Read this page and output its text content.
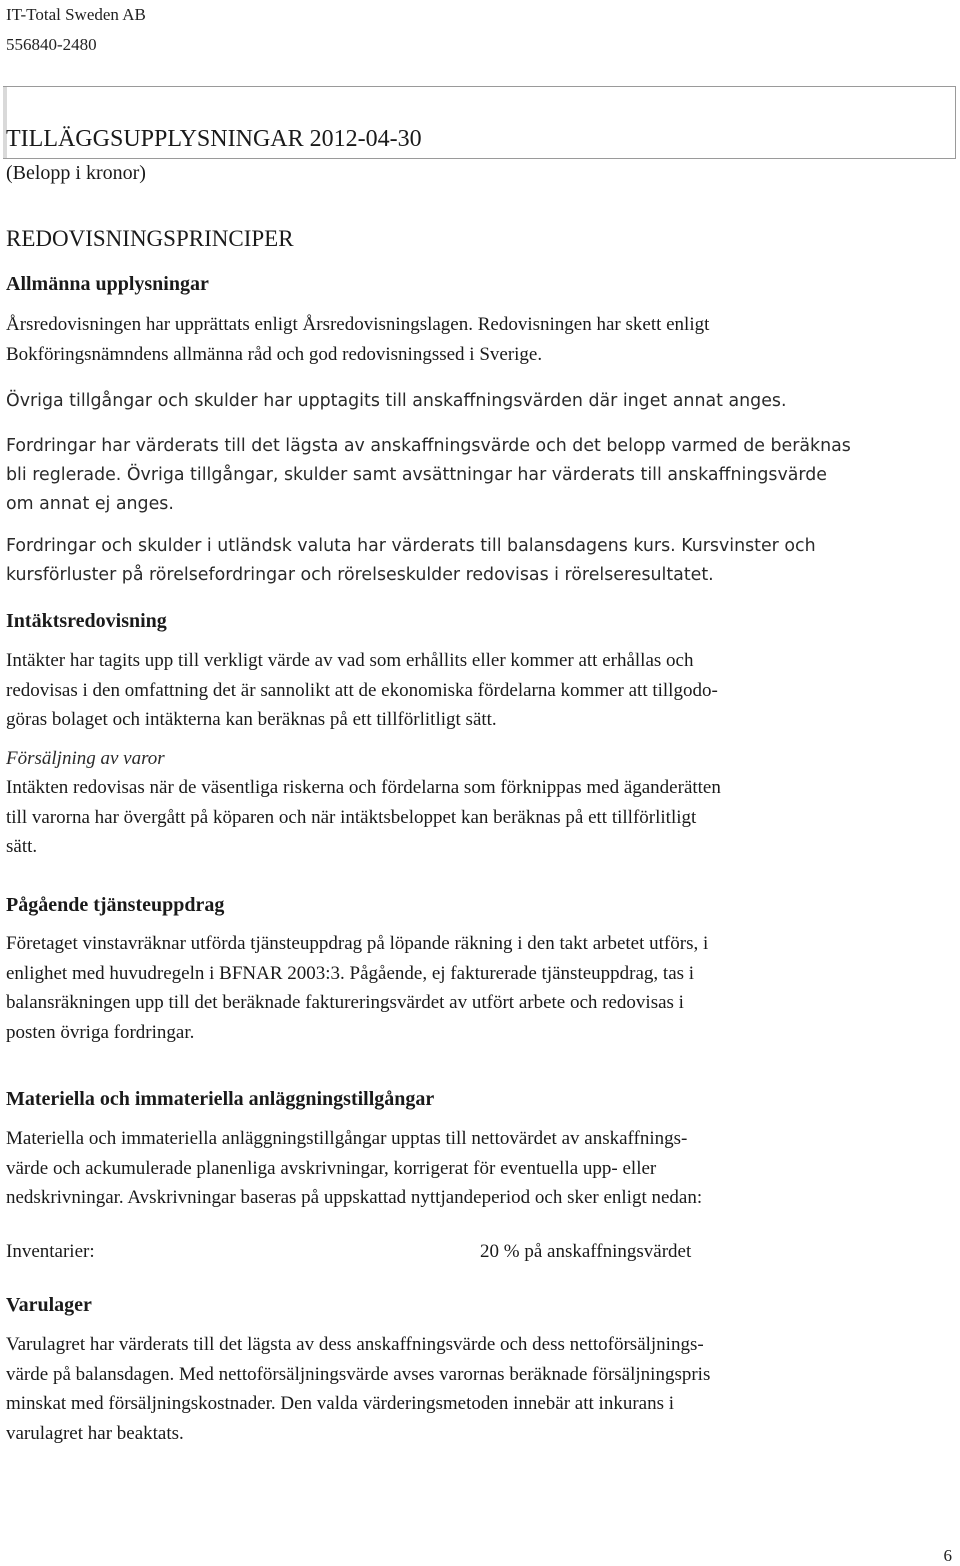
IT-Total Sweden AB
556840-2480
TILLÄGGSUPPLYSNINGAR 2012-04-30
(Belopp i kronor)
REDOVISNINGSPRINCIPER
Allmänna upplysningar
Årsredovisningen har upprättats enligt Årsredovisningslagen. Redovisningen har skett enligt
Bokföringsnämndens allmänna råd och god redovisningssed i Sverige.
Övriga tillgångar och skulder har upptagits till anskaffningsvärden där inget annat anges.
Fordringar har värderats till det lägsta av anskaffningsvärde och det belopp varmed de beräknas
bli reglerade. Övriga tillgångar, skulder samt avsättningar har värderats till anskaffningsvärde
om annat ej anges.
Fordringar och skulder i utländsk valuta har värderats till balansdagens kurs. Kursvinster och
kursförluster på rörelsefordringar och rörelseskulder redovisas i rörelseresultatet.
Intäktsredovisning
Intäkter har tagits upp till verkligt värde av vad som erhållits eller kommer att erhållas och
redovisas i den omfattning det är sannolikt att de ekonomiska fördelarna kommer att tillgodo-
göras bolaget och intäkterna kan beräknas på ett tillförlitligt sätt.
Försäljning av varor
Intäkten redovisas när de väsentliga riskerna och fördelarna som förknippas med äganderätten
till varorna har övergått på köparen och när intäktsbeloppet kan beräknas på ett tillförlitligt
sätt.
Pågående tjänsteuppdrag
Företaget vinstavräknar utförda tjänsteuppdrag på löpande räkning i den takt arbetet utförs, i
enlighet med huvudregeln i BFNAR 2003:3. Pågående, ej fakturerade tjänsteuppdrag, tas i
balansräkningen upp till det beräknade faktureringsvärdet av utfört arbete och redovisas i
posten övriga fordringar.
Materiella och immateriella anläggningstillgångar
Materiella och immateriella anläggningstillgångar upptas till nettovärdet av anskaffnings-
värde och ackumulerade planenliga avskrivningar, korrigerat för eventuella upp- eller
nedskrivningar. Avskrivningar baseras på uppskattad nyttjandeperiod och sker enligt nedan:
Inventarier:	20 % på anskaffningsvärdet
Varulager
Varulagret har värderats till det lägsta av dess anskaffningsvärde och dess nettoförsäljnings-
värde på balansdagen. Med nettoförsäljningsvärde avses varornas beräknade försäljningspris
minskat med försäljningskostnader. Den valda värderingsmetoden innebär att inkurans i
varulagret har beaktats.
6
